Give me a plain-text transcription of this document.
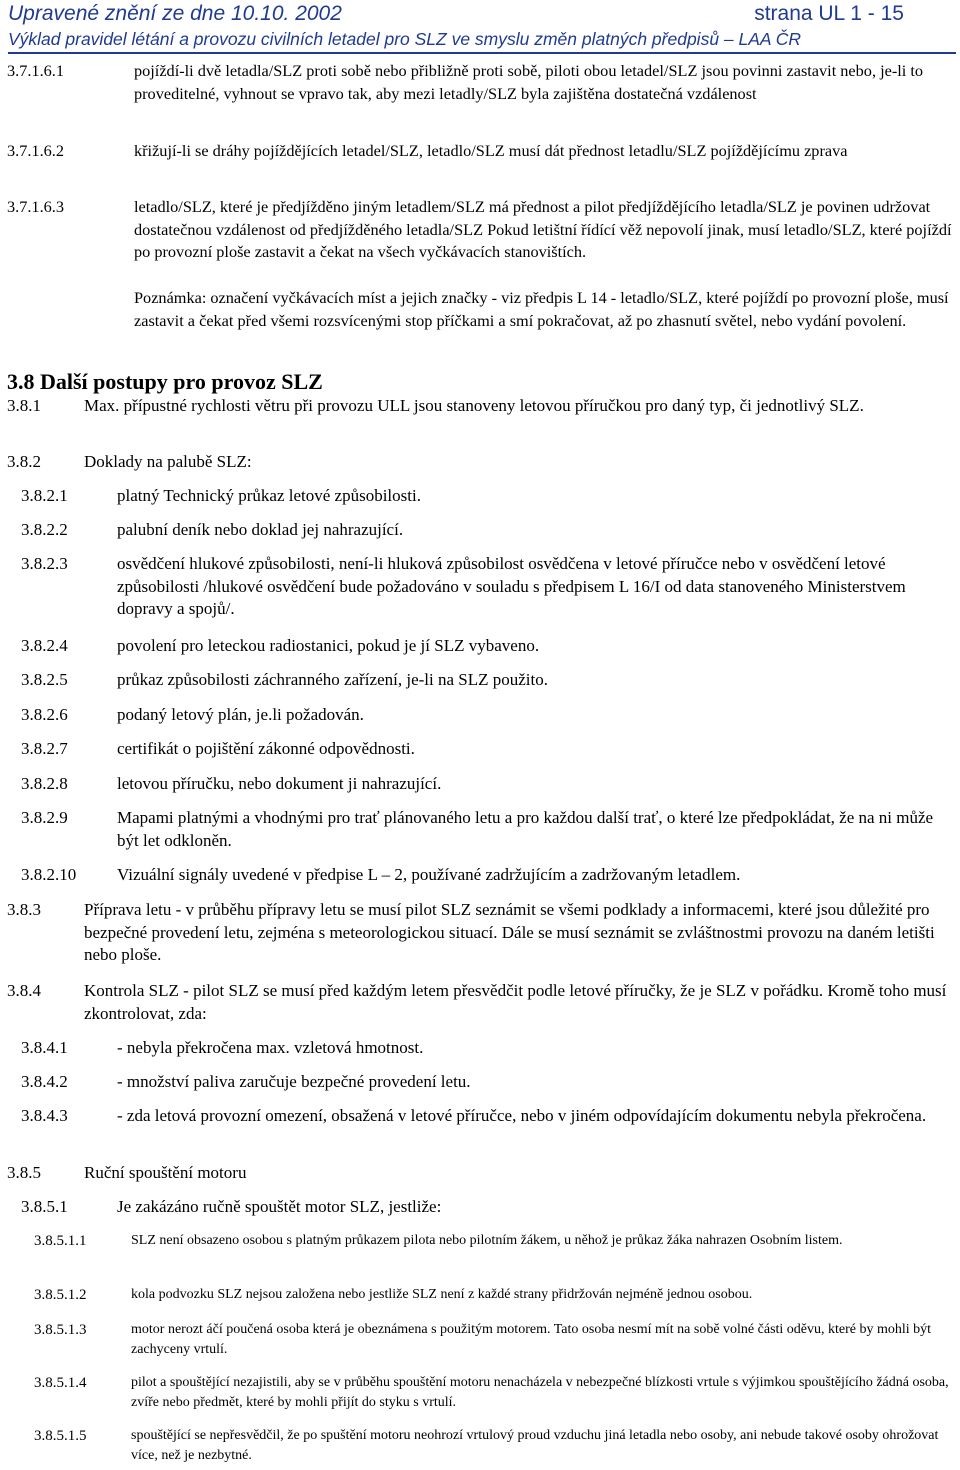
Upravené znění ze dne 10.10. 2002	strana UL 1 - 15
Výklad pravidel létání a provozu civilních letadel pro SLZ ve smyslu změn platných předpisů – LAA ČR
3.7.1.6.1	pojíždí-li dvě letadla/SLZ proti sobě nebo přibližně proti sobě, piloti obou letadel/SLZ jsou povinni zastavit nebo, je-li to proveditelné, vyhnout se vpravo tak, aby mezi letadly/SLZ byla zajištěna dostatečná vzdálenost
3.7.1.6.2	křižují-li se dráhy pojíždějících letadel/SLZ, letadlo/SLZ musí dát přednost letadlu/SLZ pojíždějícímu zprava
3.7.1.6.3	letadlo/SLZ, které je předjížděno jiným letadlem/SLZ má přednost a pilot předjíždějícího letadla/SLZ je povinen udržovat dostatečnou vzdálenost od předjížděného letadla/SLZ Pokud letištní řídící věž nepovolí jinak, musí letadlo/SLZ, které pojíždí po provozní ploše zastavit a čekat na všech vyčkávacích stanovištích.
Poznámka: označení vyčkávacích míst a jejich značky - viz předpis L 14 - letadlo/SLZ, které pojíždí po provozní ploše, musí zastavit a čekat před všemi rozsvícenými stop příčkami a smí pokračovat, až po zhasnutí světel, nebo vydání povolení.
3.8 Další postupy pro provoz SLZ
3.8.1	Max. přípustné rychlosti větru při provozu ULL jsou stanoveny letovou příručkou pro daný typ, či jednotlivý SLZ.
3.8.2	Doklady na palubě SLZ:
3.8.2.1	platný Technický průkaz letové způsobilosti.
3.8.2.2	palubní deník nebo doklad jej nahrazující.
3.8.2.3	osvědčení hlukové způsobilosti, není-li hluková způsobilost osvědčena v letové příručce nebo v osvědčení letové způsobilosti /hlukové osvědčení bude požadováno v souladu s předpisem L 16/I od data stanoveného Ministerstvem dopravy a spojů/.
3.8.2.4	povolení pro leteckou radiostanici, pokud je jí SLZ vybaveno.
3.8.2.5	průkaz způsobilosti záchranného zařízení, je-li na SLZ použito.
3.8.2.6	podaný letový plán, je.li požadován.
3.8.2.7	certifikát o pojištění zákonné odpovědnosti.
3.8.2.8	letovou příručku, nebo dokument ji nahrazující.
3.8.2.9	Mapami platnými a vhodnými pro trať plánovaného letu a pro každou další trať, o které lze předpokládat, že na ni může být let odkloněn.
3.8.2.10 Vizuální signály uvedené v předpise L – 2, používané zadržujícím a zadržovaným letadlem.
3.8.3	Příprava letu - v průběhu přípravy letu se musí pilot SLZ seznámit se všemi podklady a informacemi, které jsou důležité pro bezpečné provedení letu, zejména s meteorologickou situací. Dále se musí seznámit se zvláštnostmi provozu na daném letišti nebo ploše.
3.8.4	Kontrola SLZ - pilot SLZ se musí před každým letem přesvědčit podle letové příručky, že je SLZ v pořádku. Kromě toho musí zkontrolovat, zda:
3.8.4.1	- nebyla překročena max. vzletová hmotnost.
3.8.4.2	- množství paliva zaručuje bezpečné provedení letu.
3.8.4.3	- zda letová provozní omezení, obsažená v letové příručce, nebo v jiném odpovídajícím dokumentu nebyla překročena.
3.8.5	Ruční spouštění motoru
3.8.5.1	Je zakázáno ručně spouštět motor SLZ, jestliže:
3.8.5.1.1	SLZ není obsazeno osobou s platným průkazem pilota nebo pilotním žákem, u něhož je průkaz žáka nahrazen Osobním listem.
3.8.5.1.2	kola podvozku SLZ nejsou založena nebo jestliže SLZ není z každé strany přidržován nejméně jednou osobou.
3.8.5.1.3	motor nerozt áčí poučená osoba která je obeznámena s použitým motorem. Tato osoba nesmí mít na sobě volné části oděvu, které by mohli být zachyceny vrtulí.
3.8.5.1.4	pilot a spouštějící nezajistili, aby se v průběhu spouštění motoru nenacházela v nebezpečné blízkosti vrtule s výjimkou spouštějícího žádná osoba, zvíře nebo předmět, které by mohli přijít do styku s vrtulí.
3.8.5.1.5	spouštějící se nepřesvědčil, že po spuštění motoru neohrozí vrtulový proud vzduchu jiná letadla nebo osoby, ani nebude takové osoby ohrožovat více, než je nezbytné.
